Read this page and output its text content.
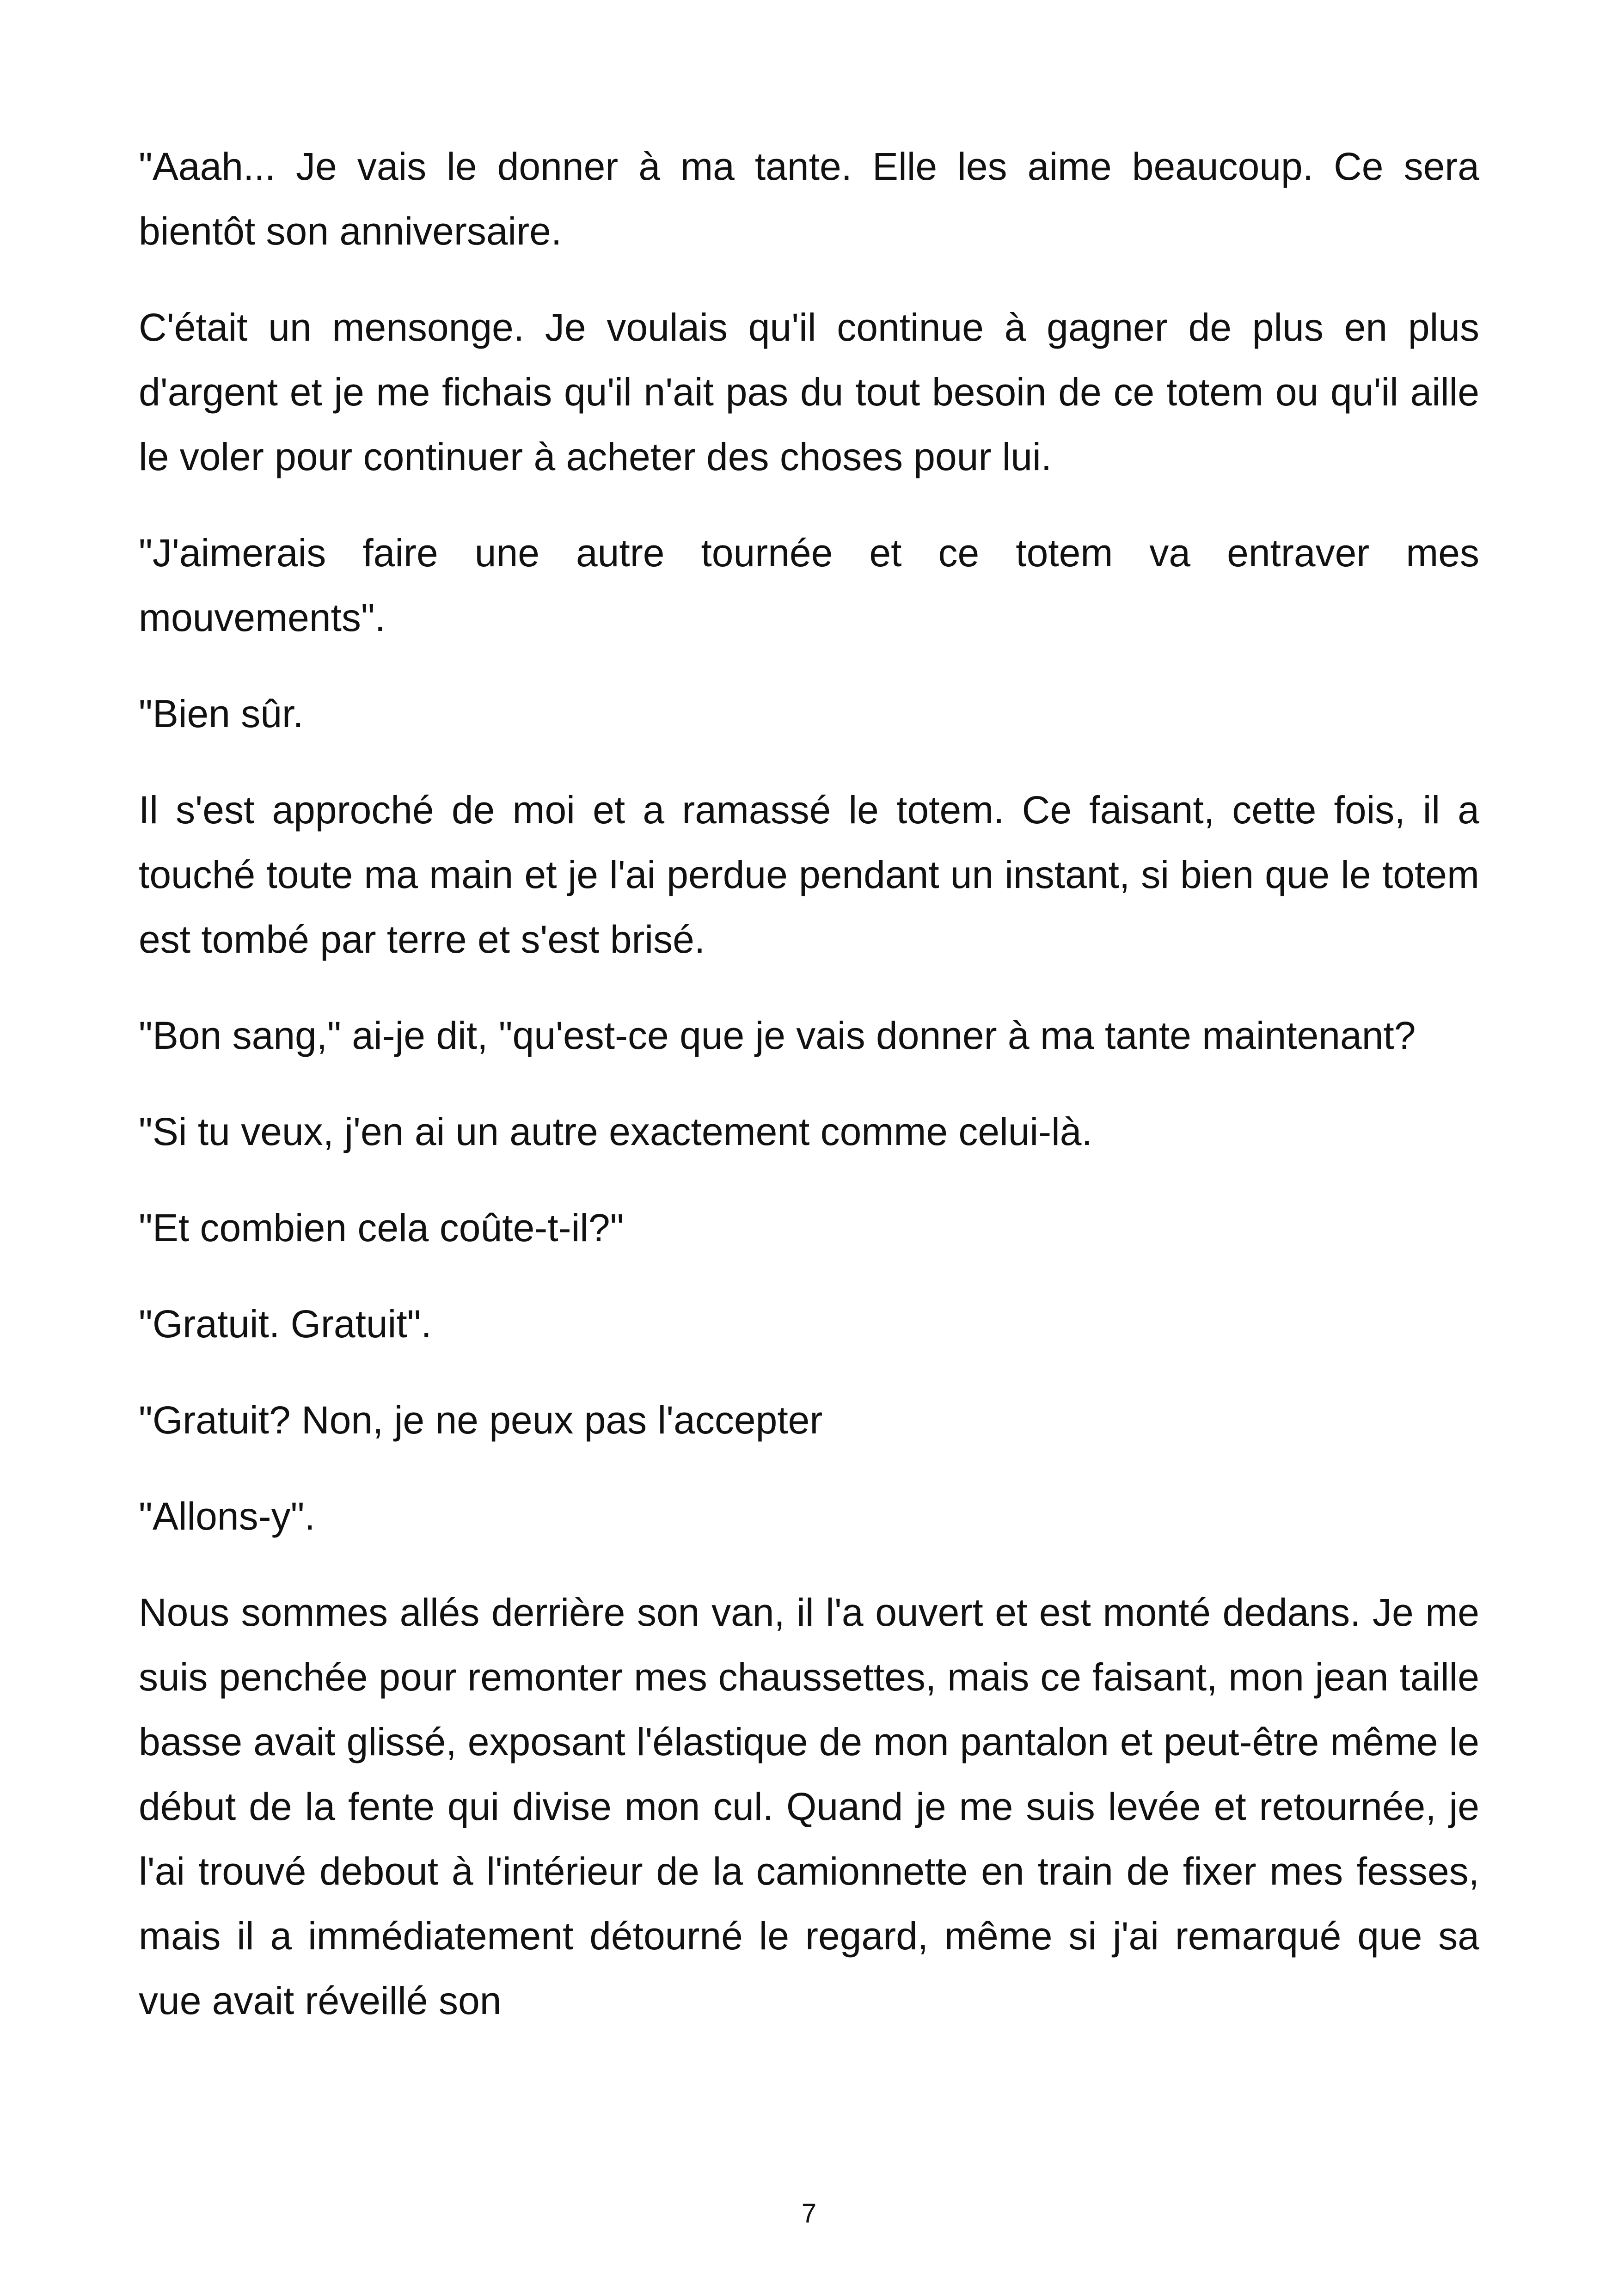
"Aaah... Je vais le donner à ma tante. Elle les aime beaucoup. Ce sera bientôt son anniversaire.

C'était un mensonge. Je voulais qu'il continue à gagner de plus en plus d'argent et je me fichais qu'il n'ait pas du tout besoin de ce totem ou qu'il aille le voler pour continuer à acheter des choses pour lui.

"J'aimerais faire une autre tournée et ce totem va entraver mes mouvements".

"Bien sûr.

Il s'est approché de moi et a ramassé le totem. Ce faisant, cette fois, il a touché toute ma main et je l'ai perdue pendant un instant, si bien que le totem est tombé par terre et s'est brisé.

"Bon sang," ai-je dit, "qu'est-ce que je vais donner à ma tante maintenant?

"Si tu veux, j'en ai un autre exactement comme celui-là.

"Et combien cela coûte-t-il?"

"Gratuit. Gratuit".

"Gratuit? Non, je ne peux pas l'accepter

"Allons-y".

Nous sommes allés derrière son van, il l'a ouvert et est monté dedans. Je me suis penchée pour remonter mes chaussettes, mais ce faisant, mon jean taille basse avait glissé, exposant l'élastique de mon pantalon et peut-être même le début de la fente qui divise mon cul. Quand je me suis levée et retournée, je l'ai trouvé debout à l'intérieur de la camionnette en train de fixer mes fesses, mais il a immédiatement détourné le regard, même si j'ai remarqué que sa vue avait réveillé son

7
